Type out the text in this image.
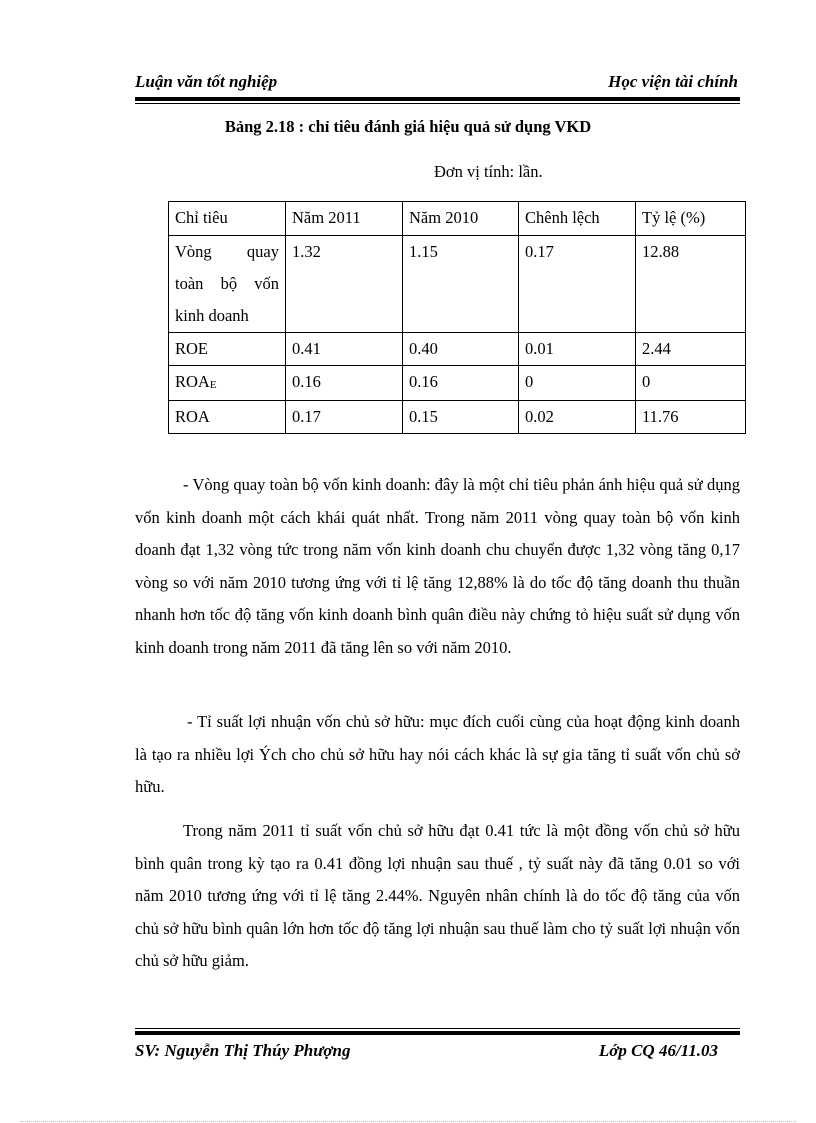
Luận văn tốt nghiệp	Học viện tài chính
Bảng 2.18 : chỉ tiêu đánh giá hiệu quả sử dụng VKD
Đơn vị tính: lần.
Chỉ tiêu	Năm 2011	Năm 2010	Chênh lệch	Tỷ lệ (%)

Vòng quay
toàn bộ vốn
kinh doanh	1.32	1.15	0.17	12.88
ROE	0.41	0.40	0.01	2.44
$ROA_E$	0.16	0.16	0	0
ROA	0.17	0.15	0.02	11.76

- Vòng quay toàn bộ vốn kinh doanh: đây là một chỉ tiêu phản ánh hiệu quả sử dụng vốn kinh doanh một cách khái quát nhất. Trong năm 2011 vòng quay toàn bộ vốn kinh doanh đạt 1,32 vòng tức trong năm vốn kinh doanh chu chuyển được 1,32 vòng tăng 0,17 vòng so với năm 2010 tương ứng với tỉ lệ tăng 12,88% là do tốc độ tăng doanh thu thuần nhanh hơn tốc độ tăng vốn kinh doanh bình quân điều này chứng tỏ hiệu suất sử dụng vốn kinh doanh trong năm 2011 đã tăng lên so với năm 2010.

- Tỉ suất lợi nhuận vốn chủ sở hữu: mục đích cuối cùng của hoạt động kinh doanh là tạo ra nhiều lợi Ých cho chủ sở hữu hay nói cách khác là sự gia tăng tỉ suất vốn chủ sở hữu.

Trong năm 2011 tỉ suất vốn chủ sở hữu đạt 0.41 tức là một đồng vốn chủ sở hữu bình quân trong kỳ tạo ra 0.41 đồng lợi nhuận sau thuế , tỷ suất này đã tăng 0.01 so với năm 2010 tương ứng với tỉ lệ tăng 2.44%. Nguyên nhân chính là do tốc độ tăng của vốn chủ sở hữu bình quân lớn hơn tốc độ tăng lợi nhuận sau thuế làm cho tỷ suất lợi nhuận vốn chủ sở hữu giảm.

SV: Nguyễn Thị Thúy Phượng	Lớp CQ 46/11.03
